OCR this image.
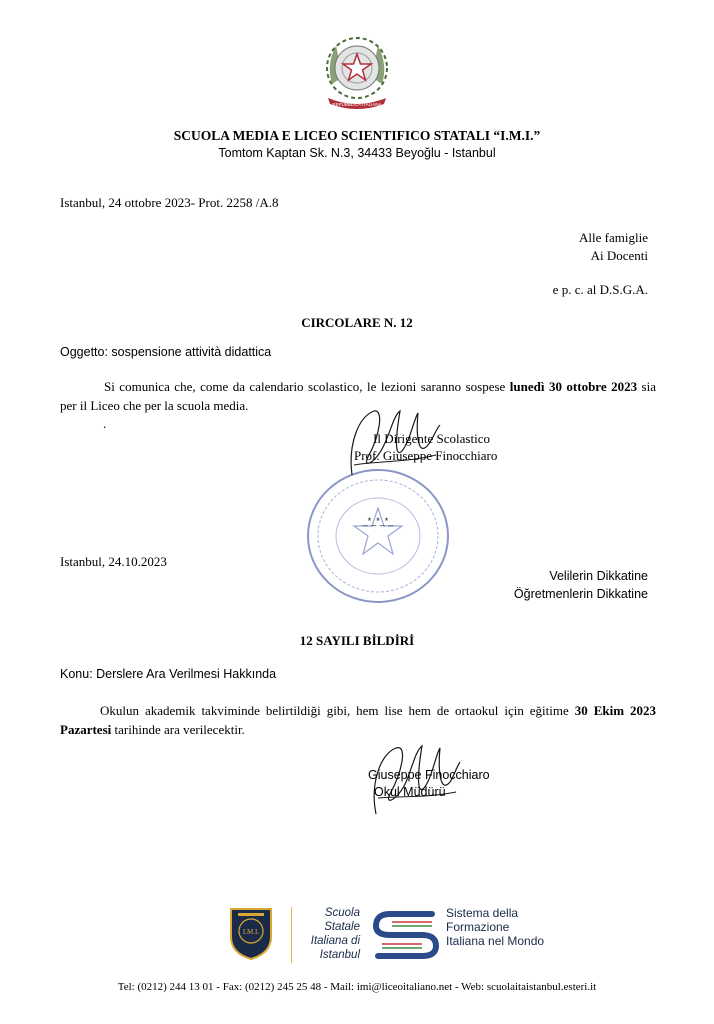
REPUBBLICA ITALIANA
SCUOLA MEDIA E LICEO SCIENTIFICO STATALI “I.M.I.”
Tomtom Kaptan Sk. N.3, 34433 Beyoğlu - Istanbul
Istanbul, 24 ottobre 2023- Prot. 2258 /A.8
Alle famiglie
Ai Docenti
e p. c. al D.S.G.A.
CIRCOLARE N. 12
Oggetto: sospensione attività didattica
Si comunica che, come da calendario scolastico, le lezioni saranno sospese lunedì 30 ottobre 2023 sia per il Liceo che per la scuola media.
.
_*_*_*_
Il Dirigente Scolastico
Prof. Giuseppe Finocchiaro
Istanbul, 24.10.2023
Velilerin Dikkatine
Öğretmenlerin Dikkatine
12 SAYILI BİLDİRİ
Konu: Derslere Ara Verilmesi Hakkında
Okulun akademik takviminde belirtildiği gibi, hem lise hem de ortaokul için eğitime 30 Ekim 2023 Pazartesi tarihinde ara verilecektir.
Giuseppe Finocchiaro
Okul Müdürü
I.M.I.
Scuola Statale Italiana di Istanbul
Sistema della Formazione Italiana nel Mondo
Tel: (0212) 244 13 01 - Fax: (0212) 245 25 48 - Mail: imi@liceoitaliano.net - Web: scuolaitaistanbul.esteri.it
